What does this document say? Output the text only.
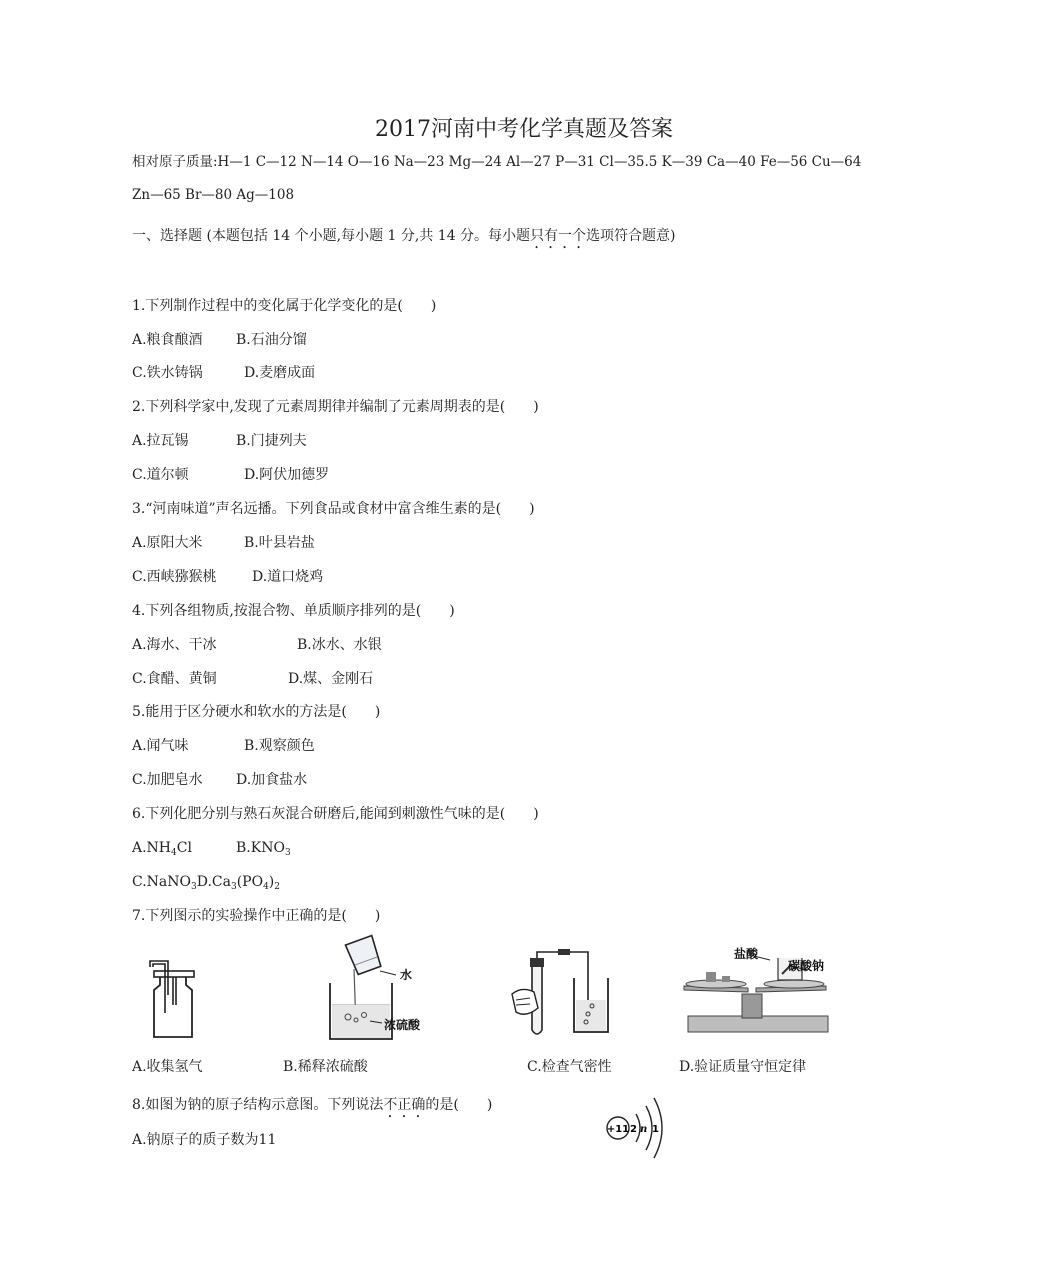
2017河南中考化学真题及答案
相对原子质量:H—1 C—12 N—14 O—16 Na—23 Mg—24 Al—27 P—31 Cl—35.5 K—39 Ca—40 Fe—56 Cu—64
Zn—65 Br—80 Ag—108
一、选择题 (本题包括 14 个小题,每小题 1 分,共 14 分。每小题只有一个选项符合题意)
1.下列制作过程中的变化属于化学变化的是(　　)
A.粮食酿酒 B.石油分馏
C.铁水铸锅	D.麦磨成面
2.下列科学家中,发现了元素周期律并编制了元素周期表的是(　　)
A.拉瓦锡	B.门捷列夫
C.道尔顿	D.阿伏加德罗
3.“河南味道”声名远播。下列食品或食材中富含维生素的是(　　)
A.原阳大米	B.叶县岩盐
C.西峡猕猴桃	D.道口烧鸡
4.下列各组物质,按混合物、单质顺序排列的是(　　)
A.海水、干冰	B.冰水、水银
C.食醋、黄铜	D.煤、金刚石
5.能用于区分硬水和软水的方法是(　　)
A.闻气味	B.观察颜色
C.加肥皂水 D.加食盐水
6.下列化肥分别与熟石灰混合研磨后,能闻到刺激性气味的是(　　)
$A.NH_4Cl$	$B.KNO_3$
$C.NaNO_3D.Ca_3(PO_4)_2$
7.下列图示的实验操作中正确的是(　　)
水
浓硫酸
盐酸
碳酸钠
A.收集氢气	B.稀释浓硫酸	C.检查气密性	D.验证质量守恒定律
8.如图为钠的原子结构示意图。下列说法不正确的是(　　)
A.钠原子的质子数为11
+11 2 n 1
